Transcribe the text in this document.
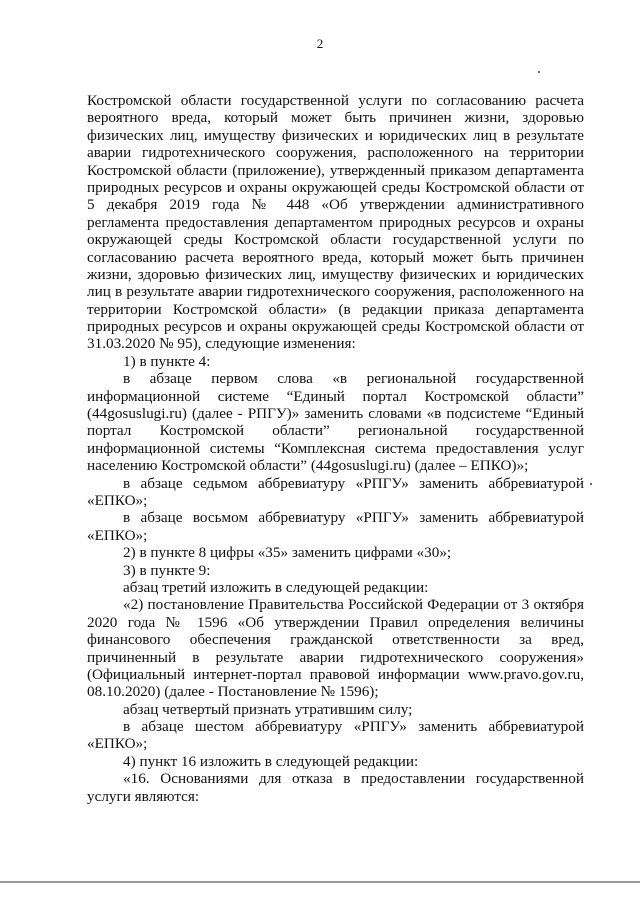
2
Костромской области государственной услуги по согласованию расчета
вероятного вреда, который может быть причинен жизни, здоровью
физических лиц, имуществу физических и юридических лиц в результате
аварии гидротехнического сооружения, расположенного на территории
Костромской области (приложение), утвержденный приказом департамента
природных ресурсов и охраны окружающей среды Костромской области от
5 декабря 2019 года № 448 «Об утверждении административного
регламента предоставления департаментом природных ресурсов и охраны
окружающей среды Костромской области государственной услуги по
согласованию расчета вероятного вреда, который может быть причинен
жизни, здоровью физических лиц, имуществу физических и юридических
лиц в результате аварии гидротехнического сооружения, расположенного на
территории Костромской области» (в редакции приказа департамента
природных ресурсов и охраны окружающей среды Костромской области от
31.03.2020 № 95), следующие изменения:
1) в пункте 4:
в абзаце первом слова «в региональной государственной
информационной системе “Единый портал Костромской области”
(44gosuslugi.ru) (далее - РПГУ)» заменить словами «в подсистеме “Единый
портал Костромской области” региональной государственной
информационной системы “Комплексная система предоставления услуг
населению Костромской области” (44gosuslugi.ru) (далее – ЕПКО)»;
в абзаце седьмом аббревиатуру «РПГУ» заменить аббревиатурой
«ЕПКО»;
в абзаце восьмом аббревиатуру «РПГУ» заменить аббревиатурой
«ЕПКО»;
2) в пункте 8 цифры «35» заменить цифрами «30»;
3) в пункте 9:
абзац третий изложить в следующей редакции:
«2) постановление Правительства Российской Федерации от 3 октября
2020 года № 1596 «Об утверждении Правил определения величины
финансового обеспечения гражданской ответственности за вред,
причиненный в результате аварии гидротехнического сооружения»
(Официальный интернет-портал правовой информации www.pravo.gov.ru,
08.10.2020) (далее - Постановление № 1596);
абзац четвертый признать утратившим силу;
в абзаце шестом аббревиатуру «РПГУ» заменить аббревиатурой
«ЕПКО»;
4) пункт 16 изложить в следующей редакции:
«16. Основаниями для отказа в предоставлении государственной
услуги являются:
